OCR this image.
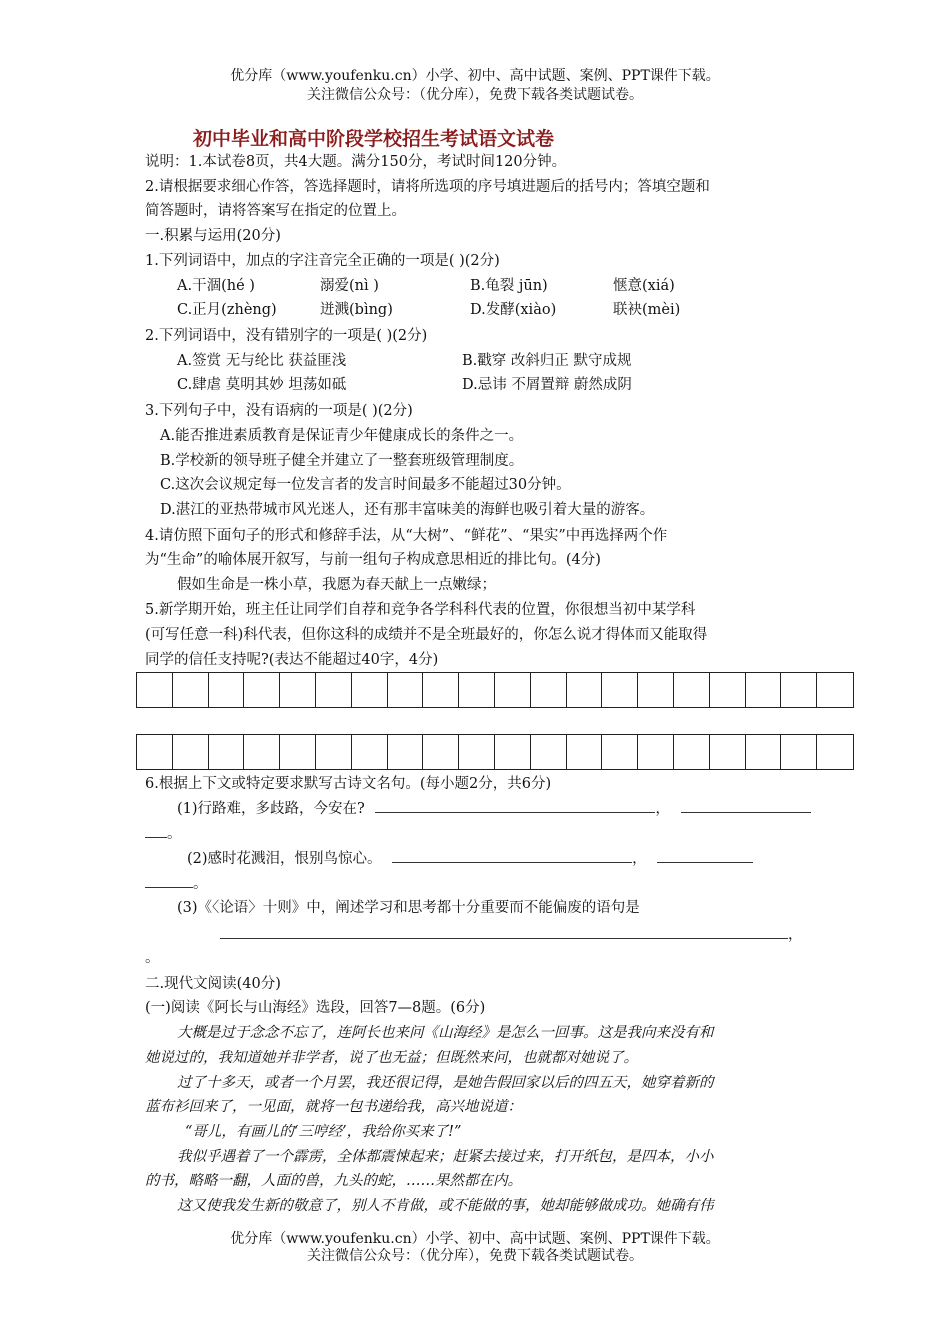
优分库（www.youfenku.cn）小学、初中、高中试题、案例、PPT课件下载。
关注微信公众号：（优分库），免费下载各类试题试卷。
初中毕业和高中阶段学校招生考试语文试卷
说明：1.本试卷8页，共4大题。满分150分，考试时间120分钟。
2.请根据要求细心作答，答选择题时，请将所选项的序号填进题后的括号内；答填空题和
简答题时，请将答案写在指定的位置上。
一.积累与运用(20分)
1.下列词语中，加点的字注音完全正确的一项是( )(2分)
A.干涸(hé )	溺爱(nì )	B.龟裂 jūn)	惬意(xiá)
C.正月(zhèng)	迸溅(bìng)	D.发酵(xiào)	联袂(mèi)
2.下列词语中，没有错别字的一项是( )(2分)
A.签赏 无与纶比 获益匪浅	B.戳穿 改斜归正 默守成规
C.肆虐 莫明其妙 坦荡如砥	D.忌讳 不屑置辩 蔚然成阴
3.下列句子中，没有语病的一项是( )(2分)
A.能否推进素质教育是保证青少年健康成长的条件之一。
B.学校新的领导班子健全并建立了一整套班级管理制度。
C.这次会议规定每一位发言者的发言时间最多不能超过30分钟。
D.湛江的亚热带城市风光迷人，还有那丰富味美的海鲜也吸引着大量的游客。
4.请仿照下面句子的形式和修辞手法，从“大树”、“鲜花”、“果实”中再选择两个作
为“生命”的喻体展开叙写，与前一组句子构成意思相近的排比句。(4分)
假如生命是一株小草，我愿为春天献上一点嫩绿；
5.新学期开始，班主任让同学们自荐和竞争各学科科代表的位置，你很想当初中某学科
(可写任意一科)科代表，但你这科的成绩并不是全班最好的，你怎么说才得体而又能取得
同学的信任支持呢?(表达不能超过40字，4分)
6.根据上下文或特定要求默写古诗文名句。(每小题2分，共6分)
(1)行路难，多歧路，今安在?	，
。
(2)感时花溅泪，恨别鸟惊心。	，
。
(3)《〈论语〉十则》中，阐述学习和思考都十分重要而不能偏废的语句是
，
。
二.现代文阅读(40分)
(一)阅读《阿长与山海经》选段，回答7—8题。(6分)
大概是过于念念不忘了，连阿长也来问《山海经》是怎么一回事。这是我向来没有和
她说过的，我知道她并非学者，说了也无益；但既然来问，也就都对她说了。
过了十多天，或者一个月罢，我还很记得，是她告假回家以后的四五天，她穿着新的
蓝布衫回来了，一见面，就将一包书递给我，高兴地说道：
“哥儿，有画儿的‘三哼经’，我给你买来了!”
我似乎遇着了一个霹雳，全体都震悚起来；赶紧去接过来，打开纸包，是四本，小小
的书，略略一翻，人面的兽，九头的蛇，……果然都在内。
这又使我发生新的敬意了，别人不肯做，或不能做的事，她却能够做成功。她确有伟
优分库（www.youfenku.cn）小学、初中、高中试题、案例、PPT课件下载。
关注微信公众号：（优分库），免费下载各类试题试卷。
